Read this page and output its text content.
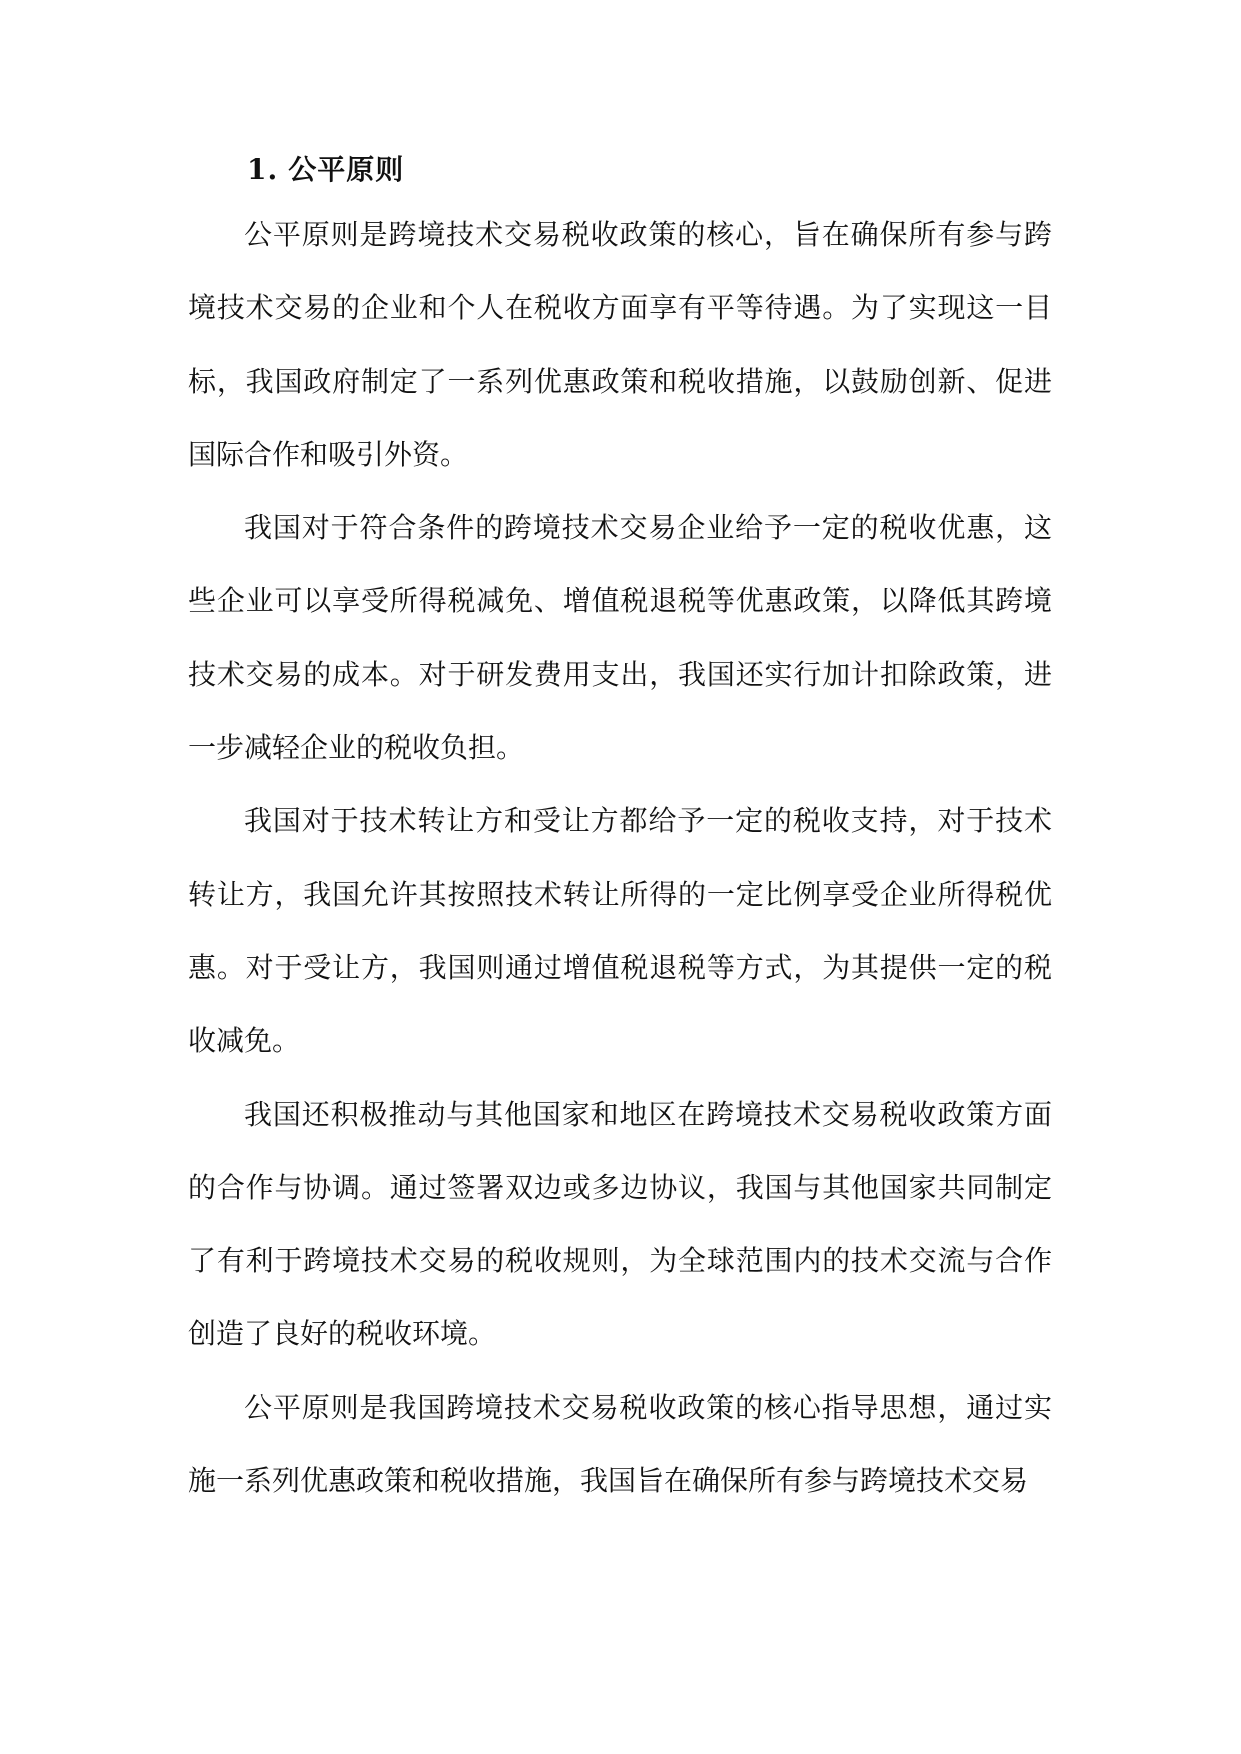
1. 公平原则

公平原则是跨境技术交易税收政策的核心，旨在确保所有参与跨境技术交易的企业和个人在税收方面享有平等待遇。为了实现这一目标，我国政府制定了一系列优惠政策和税收措施，以鼓励创新、促进国际合作和吸引外资。

我国对于符合条件的跨境技术交易企业给予一定的税收优惠，这些企业可以享受所得税减免、增值税退税等优惠政策，以降低其跨境技术交易的成本。对于研发费用支出，我国还实行加计扣除政策，进一步减轻企业的税收负担。

我国对于技术转让方和受让方都给予一定的税收支持，对于技术转让方，我国允许其按照技术转让所得的一定比例享受企业所得税优惠。对于受让方，我国则通过增值税退税等方式，为其提供一定的税收减免。

我国还积极推动与其他国家和地区在跨境技术交易税收政策方面的合作与协调。通过签署双边或多边协议，我国与其他国家共同制定了有利于跨境技术交易的税收规则，为全球范围内的技术交流与合作创造了良好的税收环境。

公平原则是我国跨境技术交易税收政策的核心指导思想，通过实施一系列优惠政策和税收措施，我国旨在确保所有参与跨境技术交易
